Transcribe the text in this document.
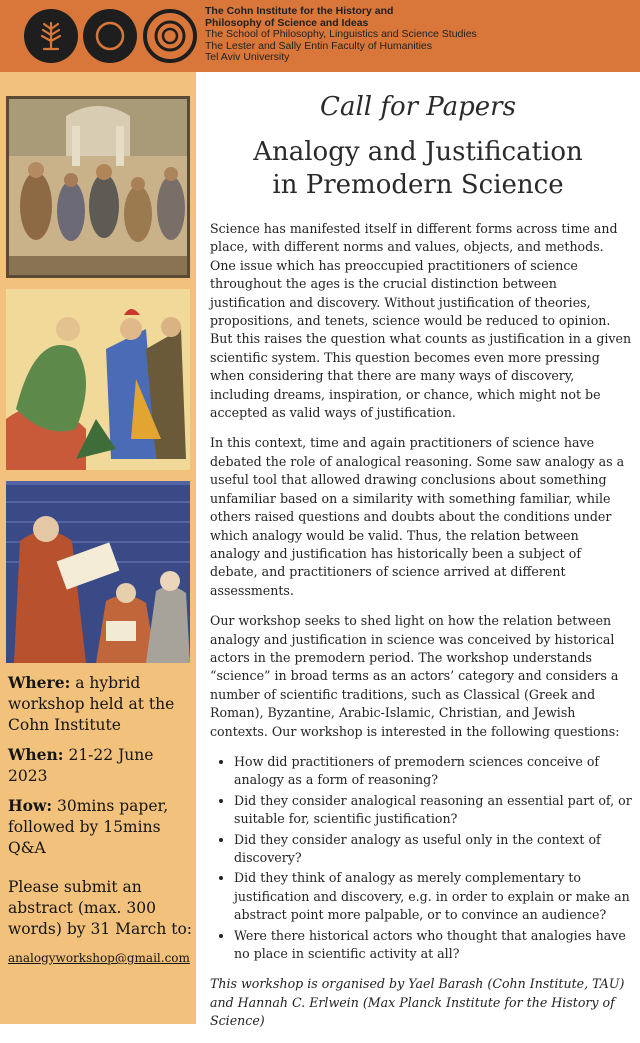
The Cohn Institute for the History and
Philosophy of Science and Ideas
The School of Philosophy, Linguistics and Science Studies
The Lester and Sally Entin Faculty of Humanities
Tel Aviv University

Where: a hybrid workshop held at the Cohn Institute

When: 21-22 June 2023

How: 30mins paper, followed by 15mins Q&A

Please submit an abstract (max. 300 words) by 31 March to:

analogyworkshop@gmail.com
Call for Papers
Analogy and Justification
in Premodern Science

Science has manifested itself in different forms across time and place, with different norms and values, objects, and methods. One issue which has preoccupied practitioners of science throughout the ages is the crucial distinction between justification and discovery. Without justification of theories, propositions, and tenets, science would be reduced to opinion. But this raises the question what counts as justification in a given scientific system. This question becomes even more pressing when considering that there are many ways of discovery, including dreams, inspiration, or chance, which might not be accepted as valid ways of justification.

In this context, time and again practitioners of science have debated the role of analogical reasoning. Some saw analogy as a useful tool that allowed drawing conclusions about something unfamiliar based on a similarity with something familiar, while others raised questions and doubts about the conditions under which analogy would be valid. Thus, the relation between analogy and justification has historically been a subject of debate, and practitioners of science arrived at different assessments.

Our workshop seeks to shed light on how the relation between analogy and justification in science was conceived by historical actors in the premodern period. The workshop understands “science” in broad terms as an actors’ category and considers a number of scientific traditions, such as Classical (Greek and Roman), Byzantine, Arabic-Islamic, Christian, and Jewish contexts. Our workshop is interested in the following questions:

• How did practitioners of premodern sciences conceive of analogy as a form of reasoning?
• Did they consider analogical reasoning an essential part of, or suitable for, scientific justification?
• Did they consider analogy as useful only in the context of discovery?
• Did they think of analogy as merely complementary to justification and discovery, e.g. in order to explain or make an abstract point more palpable, or to convince an audience?
• Were there historical actors who thought that analogies have no place in scientific activity at all?

This workshop is organised by Yael Barash (Cohn Institute, TAU) and Hannah C. Erlwein (Max Planck Institute for the History of Science)
